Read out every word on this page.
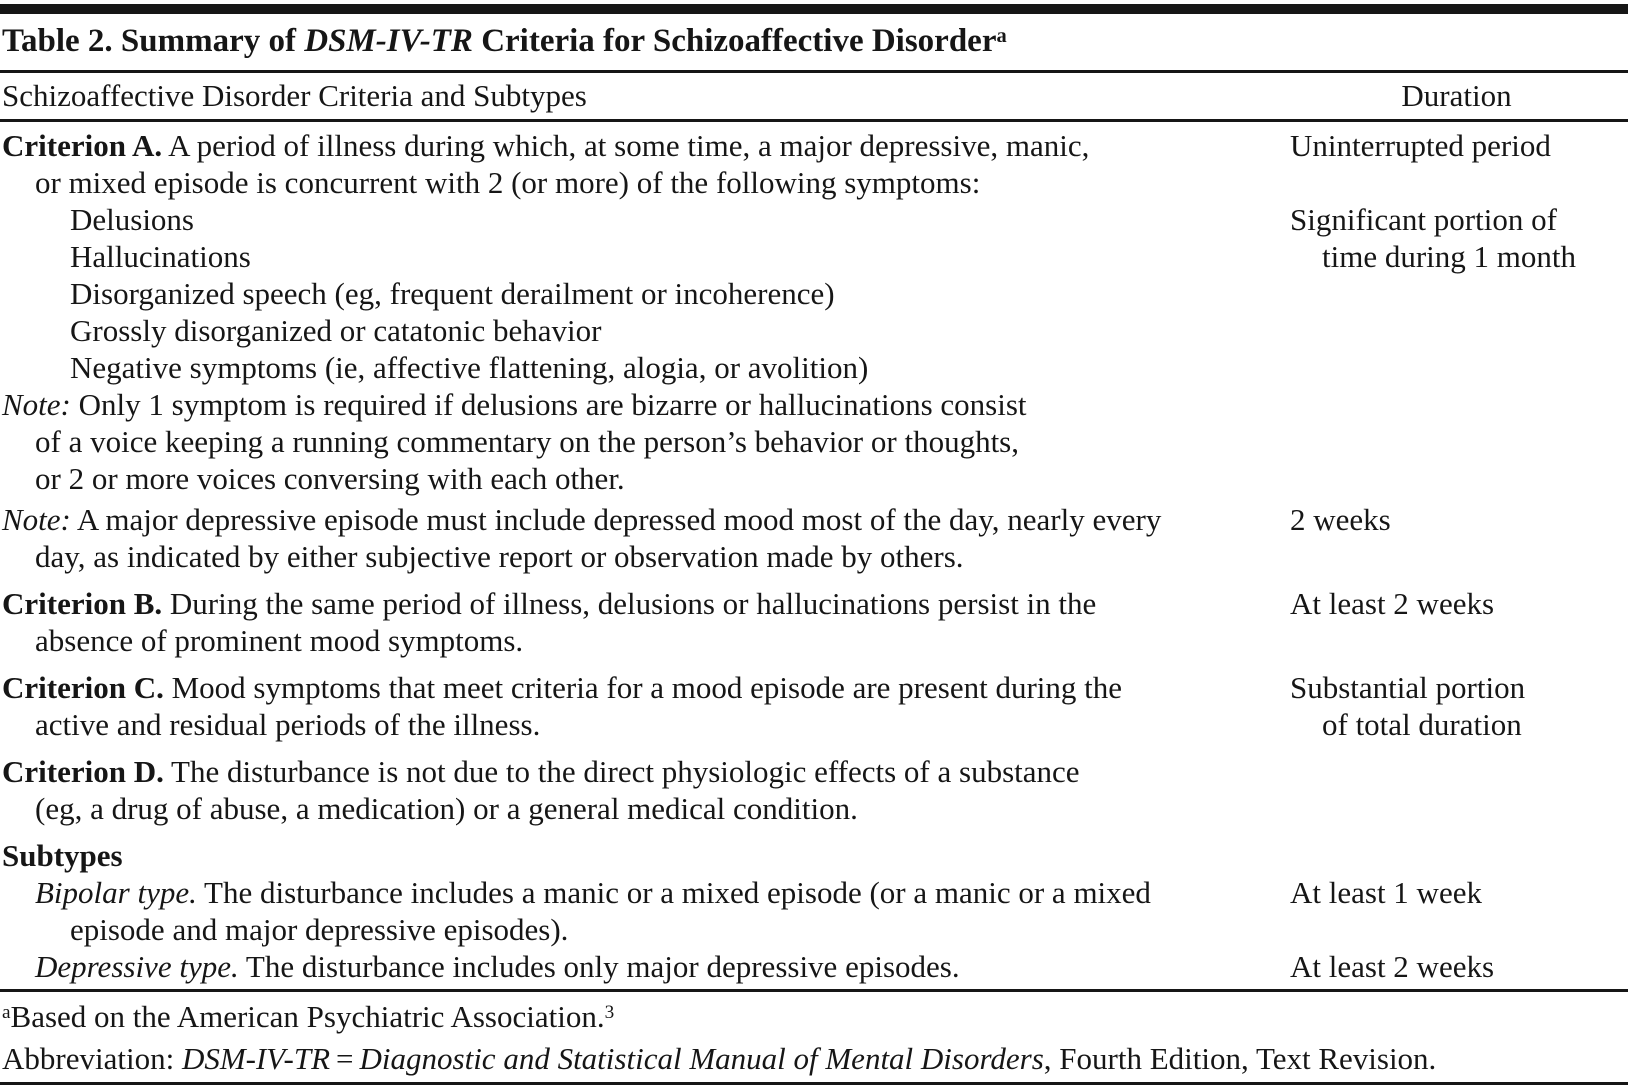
Table 2. Summary of DSM-IV-TR Criteria for Schizoaffective Disorder$^a$
Schizoaffective Disorder Criteria and Subtypes	Duration
Criterion A. A period of illness during which, at some time, a major depressive, manic,
or mixed episode is concurrent with 2 (or more) of the following symptoms:
Uninterrupted period
Delusions
Hallucinations
Disorganized speech (eg, frequent derailment or incoherence)
Grossly disorganized or catatonic behavior
Negative symptoms (ie, affective flattening, alogia, or avolition)
Significant portion of
time during 1 month
Note: Only 1 symptom is required if delusions are bizarre or hallucinations consist
of a voice keeping a running commentary on the person’s behavior or thoughts,
or 2 or more voices conversing with each other.
Note: A major depressive episode must include depressed mood most of the day, nearly every
day, as indicated by either subjective report or observation made by others.
2 weeks
Criterion B. During the same period of illness, delusions or hallucinations persist in the
absence of prominent mood symptoms.
At least 2 weeks
Criterion C. Mood symptoms that meet criteria for a mood episode are present during the
active and residual periods of the illness.
Substantial portion
of total duration
Criterion D. The disturbance is not due to the direct physiologic effects of a substance
(eg, a drug of abuse, a medication) or a general medical condition.
Subtypes
Bipolar type. The disturbance includes a manic or a mixed episode (or a manic or a mixed
episode and major depressive episodes).
At least 1 week
Depressive type. The disturbance includes only major depressive episodes.	At least 2 weeks
$^a$Based on the American Psychiatric Association.$^3$
Abbreviation: DSM-IV-TR = Diagnostic and Statistical Manual of Mental Disorders, Fourth Edition, Text Revision.
